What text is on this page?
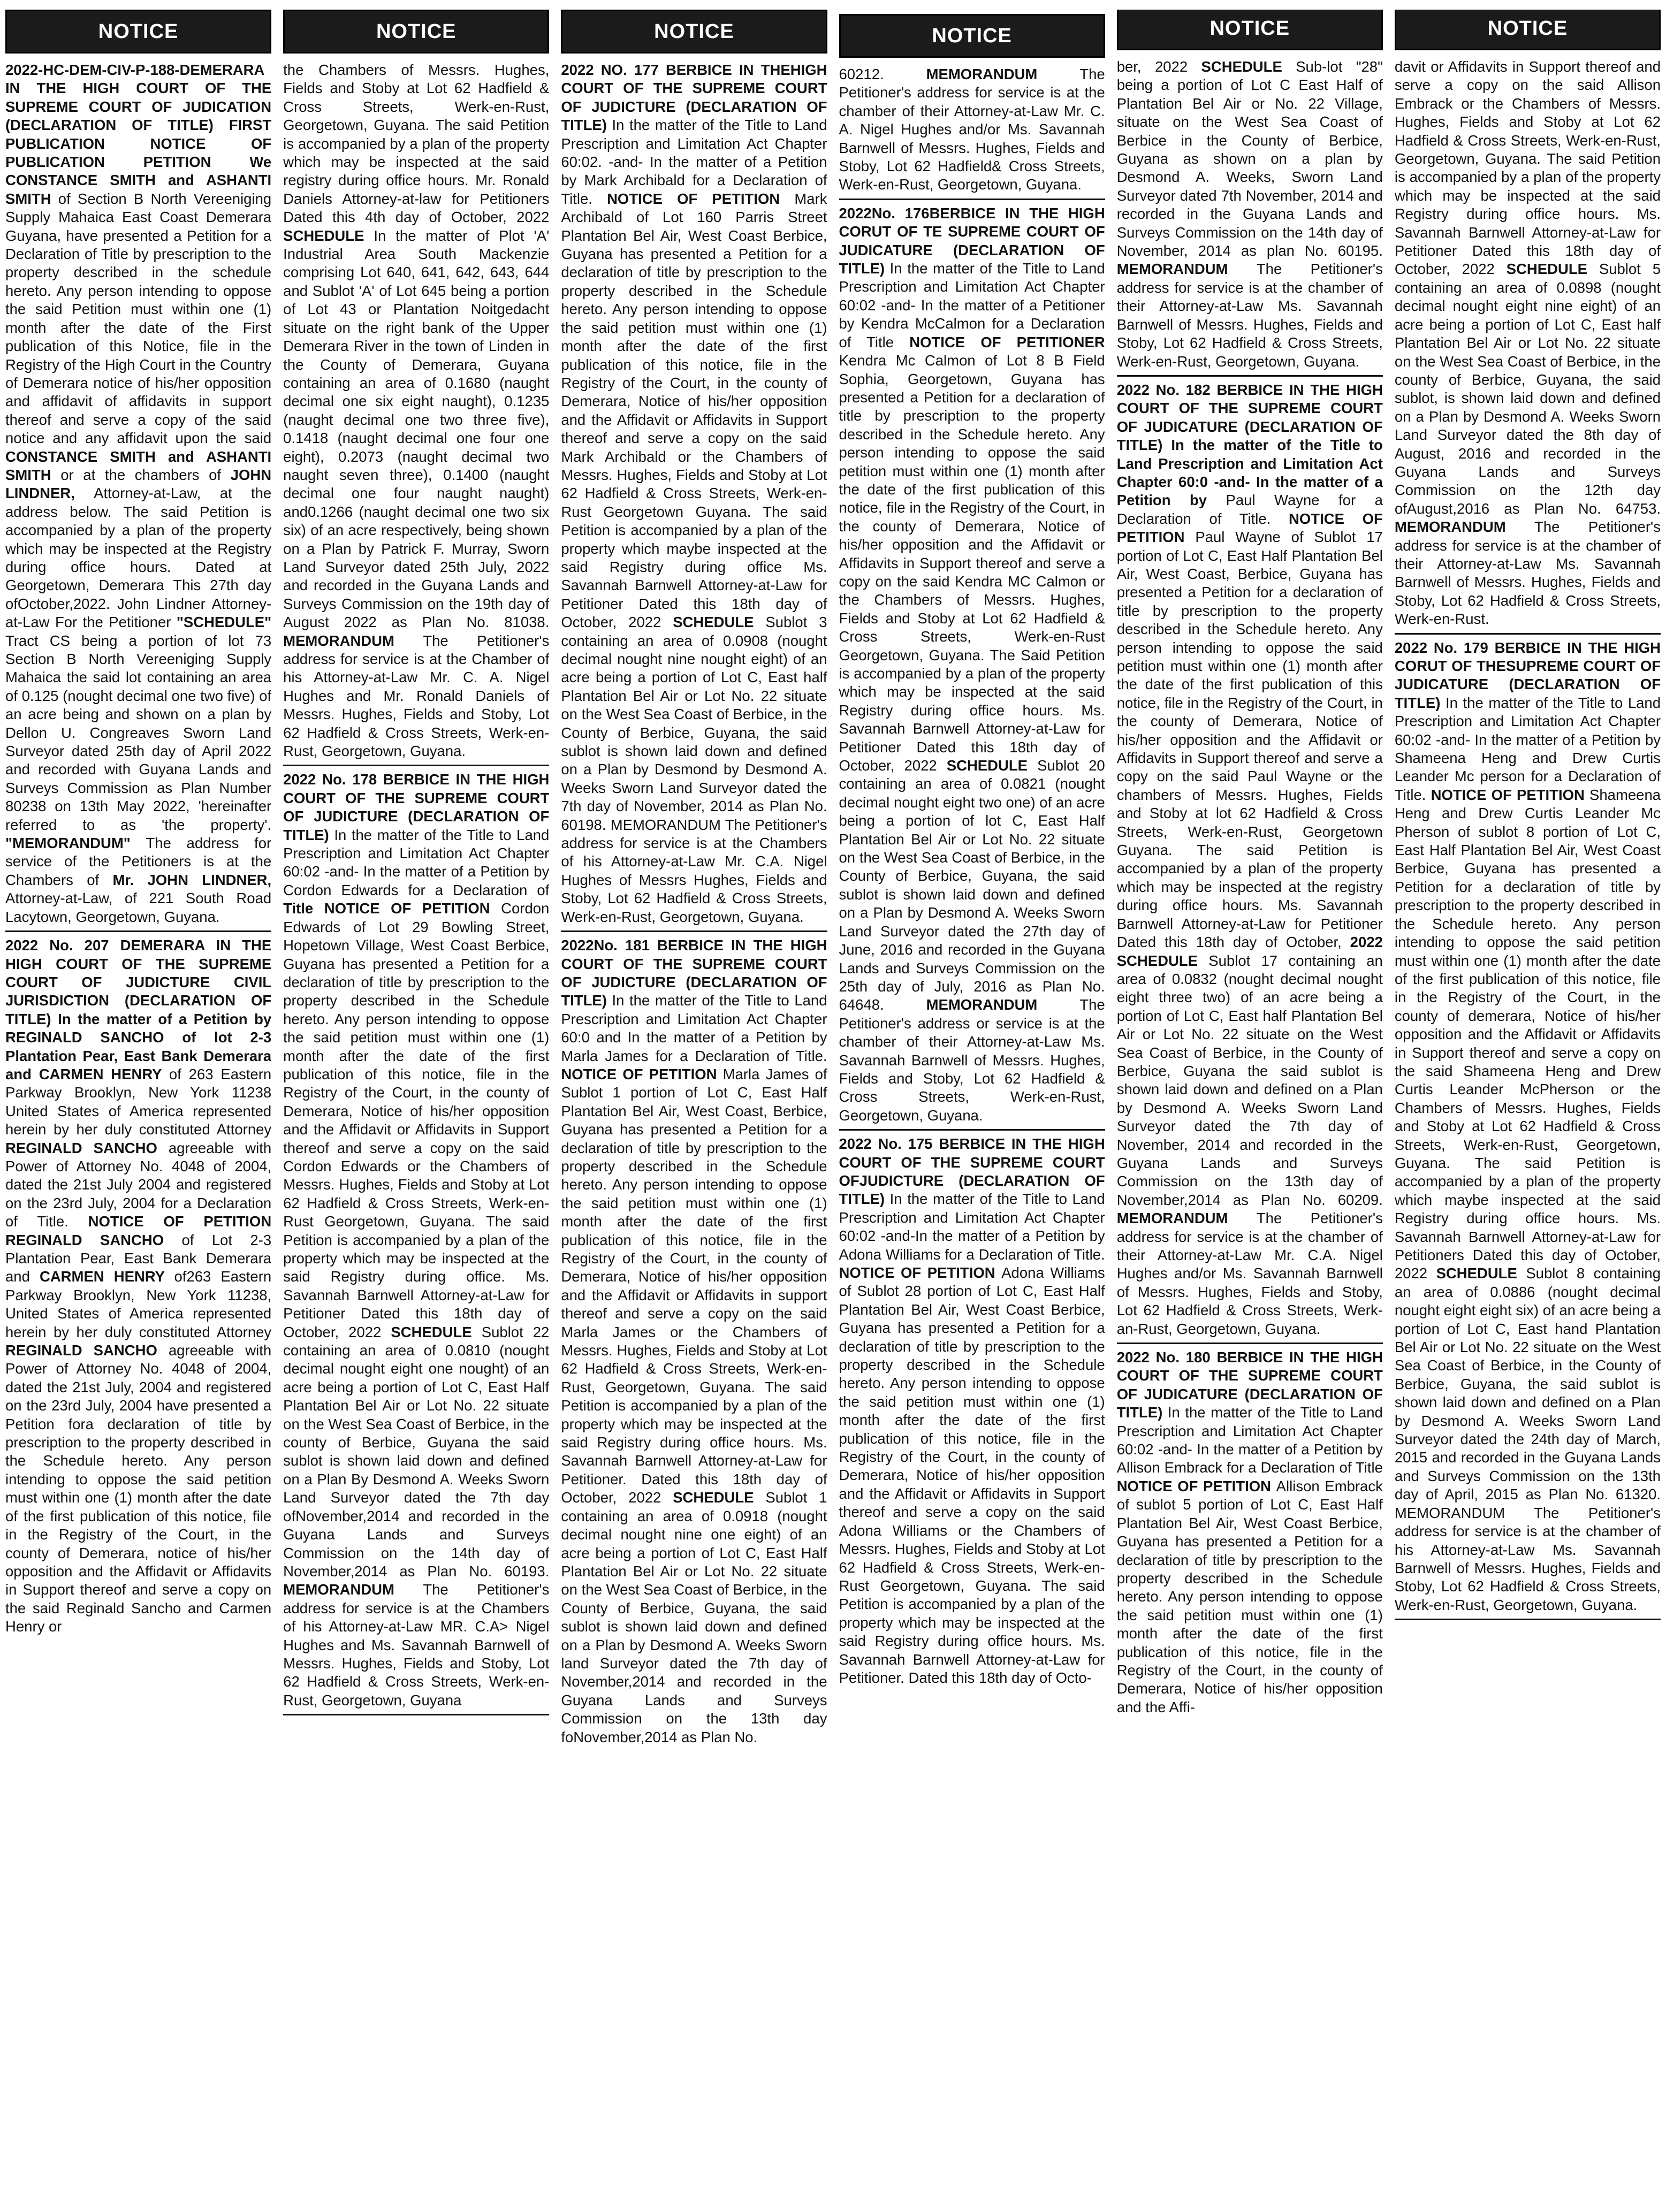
NOTICE
2022-HC-DEM-CIV-P-188-DEMERARA IN THE HIGH COURT OF THE SUPREME COURT OF JUDICATION (DECLARATION OF TITLE) FIRST PUBLICATION NOTICE OF PUBLICATION PETITION We CONSTANCE SMITH and ASHANTI SMITH of Section B North Vereeniging Supply Mahaica East Coast Demerara Guyana, have presented a Petition for a Declaration of Title by prescription to the property described in the schedule hereto. Any person intending to oppose the said Petition must within one (1) month after the date of the First publication of this Notice, file in the Registry of the High Court in the Country of Demerara notice of his/her opposition and affidavit of affidavits in support thereof and serve a copy of the said notice and any affidavit upon the said CONSTANCE SMITH and ASHANTI SMITH or at the chambers of JOHN LINDNER, Attorney-at-Law, at the address below. The said Petition is accompanied by a plan of the property which may be inspected at the Registry during office hours. Dated at Georgetown, Demerara This 27th day ofOctober,2022. John Lindner Attorney-at-Law For the Petitioner "SCHEDULE" Tract CS being a portion of lot 73 Section B North Vereeniging Supply Mahaica the said lot containing an area of 0.125 (nought decimal one two five) of an acre being and shown on a plan by Dellon U. Congreaves Sworn Land Surveyor dated 25th day of April 2022 and recorded with Guyana Lands and Surveys Commission as Plan Number 80238 on 13th May 2022, 'hereinafter referred to as 'the property'. "MEMORANDUM" The address for service of the Petitioners is at the Chambers of Mr. JOHN LINDNER, Attorney-at-Law, of 221 South Road Lacytown, Georgetown, Guyana.
2022 No. 207 DEMERARA IN THE HIGH COURT OF THE SUPREME COURT OF JUDICTURE CIVIL JURISDICTION (DECLARATION OF TITLE) In the matter of a Petition by REGINALD SANCHO of lot 2-3 Plantation Pear, East Bank Demerara and CARMEN HENRY of 263 Eastern Parkway Brooklyn, New York 11238 United States of America represented herein by her duly constituted Attorney REGINALD SANCHO agreeable with Power of Attorney No. 4048 of 2004, dated the 21st July 2004 and registered on the 23rd July, 2004 for a Declaration of Title. NOTICE OF PETITION REGINALD SANCHO of Lot 2-3 Plantation Pear, East Bank Demerara and CARMEN HENRY of263 Eastern Parkway Brooklyn, New York 11238, United States of America represented herein by her duly constituted Attorney REGINALD SANCHO agreeable with Power of Attorney No. 4048 of 2004, dated the 21st July, 2004 and registered on the 23rd July, 2004 have presented a Petition fora declaration of title by prescription to the property described in the Schedule hereto. Any person intending to oppose the said petition must within one (1) month after the date of the first publication of this notice, file in the Registry of the Court, in the county of Demerara, notice of his/her opposition and the Affidavit or Affidavits in Support thereof and serve a copy on the said Reginald Sancho and Carmen Henry or
NOTICE
the Chambers of Messrs. Hughes, Fields and Stoby at Lot 62 Hadfield & Cross Streets, Werk-en-Rust, Georgetown, Guyana. The said Petition is accompanied by a plan of the property which may be inspected at the said registry during office hours. Mr. Ronald Daniels Attorney-at-law for Petitioners Dated this 4th day of October, 2022 SCHEDULE In the matter of Plot 'A' Industrial Area South Mackenzie comprising Lot 640, 641, 642, 643, 644 and Sublot 'A' of Lot 645 being a portion of Lot 43 or Plantation Noitgedacht situate on the right bank of the Upper Demerara River in the town of Linden in the County of Demerara, Guyana containing an area of 0.1680 (naught decimal one six eight naught), 0.1235 (naught decimal one two three five), 0.1418 (naught decimal one four one eight), 0.2073 (naught decimal two naught seven three), 0.1400 (naught decimal one four naught naught) and0.1266 (naught decimal one two six six) of an acre respectively, being shown on a Plan by Patrick F. Murray, Sworn Land Surveyor dated 25th July, 2022 and recorded in the Guyana Lands and Surveys Commission on the 19th day of August 2022 as Plan No. 81038. MEMORANDUM The Petitioner's address for service is at the Chamber of his Attorney-at-Law Mr. C. A. Nigel Hughes and Mr. Ronald Daniels of Messrs. Hughes, Fields and Stoby, Lot 62 Hadfield & Cross Streets, Werk-en-Rust, Georgetown, Guyana.
2022 No. 178 BERBICE IN THE HIGH COURT OF THE SUPREME COURT OF JUDICTURE (DECLARATION OF TITLE) In the matter of the Title to Land Prescription and Limitation Act Chapter 60:02 -and- In the matter of a Petition by Cordon Edwards for a Declaration of Title NOTICE OF PETITION Cordon Edwards of Lot 29 Bowling Street, Hopetown Village, West Coast Berbice, Guyana has presented a Petition for a declaration of title by prescription to the property described in the Schedule hereto. Any person intending to oppose the said petition must within one (1) month after the date of the first publication of this notice, file in the Registry of the Court, in the county of Demerara, Notice of his/her opposition and the Affidavit or Affidavits in Support thereof and serve a copy on the said Cordon Edwards or the Chambers of Messrs. Hughes, Fields and Stoby at Lot 62 Hadfield & Cross Streets, Werk-en-Rust Georgetown, Guyana. The said Petition is accompanied by a plan of the property which may be inspected at the said Registry during office. Ms. Savannah Barnwell Attorney-at-Law for Petitioner Dated this 18th day of October, 2022 SCHEDULE Sublot 22 containing an area of 0.0810 (nought decimal nought eight one nought) of an acre being a portion of Lot C, East Half Plantation Bel Air or Lot No. 22 situate on the West Sea Coast of Berbice, in the county of Berbice, Guyana the said sublot is shown laid down and defined on a Plan By Desmond A. Weeks Sworn Land Surveyor dated the 7th day ofNovember,2014 and recorded in the Guyana Lands and Surveys Commission on the 14th day of November,2014 as Plan No. 60193. MEMORANDUM The Petitioner's address for service is at the Chambers of his Attorney-at-Law MR. C.A> Nigel Hughes and Ms. Savannah Barnwell of Messrs. Hughes, Fields and Stoby, Lot 62 Hadfield & Cross Streets, Werk-en-Rust, Georgetown, Guyana
NOTICE
2022 NO. 177 BERBICE IN THEHIGH COURT OF THE SUPREME COURT OF JUDICTURE (DECLARATION OF TITLE) In the matter of the Title to Land Prescription and Limitation Act Chapter 60:02. -and- In the matter of a Petition by Mark Archibald for a Declaration of Title. NOTICE OF PETITION Mark Archibald of Lot 160 Parris Street Plantation Bel Air, West Coast Berbice, Guyana has presented a Petition for a declaration of title by prescription to the property described in the Schedule hereto. Any person intending to oppose the said petition must within one (1) month after the date of the first publication of this notice, file in the Registry of the Court, in the county of Demerara, Notice of his/her opposition and the Affidavit or Affidavits in Support thereof and serve a copy on the said Mark Archibald or the Chambers of Messrs. Hughes, Fields and Stoby at Lot 62 Hadfield & Cross Streets, Werk-en-Rust Georgetown Guyana. The said Petition is accompanied by a plan of the property which maybe inspected at the said Registry during office Ms. Savannah Barnwell Attorney-at-Law for Petitioner Dated this 18th day of October, 2022 SCHEDULE Sublot 3 containing an area of 0.0908 (nought decimal nought nine nought eight) of an acre being a portion of Lot C, East half Plantation Bel Air or Lot No. 22 situate on the West Sea Coast of Berbice, in the County of Berbice, Guyana, the said sublot is shown laid down and defined on a Plan by Desmond by Desmond A. Weeks Sworn Land Surveyor dated the 7th day of November, 2014 as Plan No. 60198. MEMORANDUM The Petitioner's address for service is at the Chambers of his Attorney-at-Law Mr. C.A. Nigel Hughes of Messrs Hughes, Fields and Stoby, Lot 62 Hadfield & Cross Streets, Werk-en-Rust, Georgetown, Guyana.
2022No. 181 BERBICE IN THE HIGH COURT OF THE SUPREME COURT OF JUDICTURE (DECLARATION OF TITLE) In the matter of the Title to Land Prescription and Limitation Act Chapter 60:0 and In the matter of a Petition by Marla James for a Declaration of Title. NOTICE OF PETITION Marla James of Sublot 1 portion of Lot C, East Half Plantation Bel Air, West Coast, Berbice, Guyana has presented a Petition for a declaration of title by prescription to the property described in the Schedule hereto. Any person intending to oppose the said petition must within one (1) month after the date of the first publication of this notice, file in the Registry of the Court, in the county of Demerara, Notice of his/her opposition and the Affidavit or Affidavits in support thereof and serve a copy on the said Marla James or the Chambers of Messrs. Hughes, Fields and Stoby at Lot 62 Hadfield & Cross Streets, Werk-en-Rust, Georgetown, Guyana. The said Petition is accompanied by a plan of the property which may be inspected at the said Registry during office hours. Ms. Savannah Barnwell Attorney-at-Law for Petitioner. Dated this 18th day of October, 2022 SCHEDULE Sublot 1 containing an area of 0.0918 (nought decimal nought nine one eight) of an acre being a portion of Lot C, East Half Plantation Bel Air or Lot No. 22 situate on the West Sea Coast of Berbice, in the County of Berbice, Guyana, the said sublot is shown laid down and defined on a Plan by Desmond A. Weeks Sworn land Surveyor dated the 7th day of November,2014 and recorded in the Guyana Lands and Surveys Commission on the 13th day foNovember,2014 as Plan No.
NOTICE
60212. MEMORANDUM The Petitioner's address for service is at the chamber of their Attorney-at-Law Mr. C. A. Nigel Hughes and/or Ms. Savannah Barnwell of Messrs. Hughes, Fields and Stoby, Lot 62 Hadfield& Cross Streets, Werk-en-Rust, Georgetown, Guyana.
2022No. 176BERBICE IN THE HIGH CORUT OF TE SUPREME COURT OF JUDICATURE (DECLARATION OF TITLE) In the matter of the Title to Land Prescription and Limitation Act Chapter 60:02 -and- In the matter of a Petitioner by Kendra McCalmon for a Declaration of Title NOTICE OF PETITIONER Kendra Mc Calmon of Lot 8 B Field Sophia, Georgetown, Guyana has presented a Petition for a declaration of title by prescription to the property described in the Schedule hereto. Any person intending to oppose the said petition must within one (1) month after the date of the first publication of this notice, file in the Registry of the Court, in the county of Demerara, Notice of his/her opposition and the Affidavit or Affidavits in Support thereof and serve a copy on the said Kendra MC Calmon or the Chambers of Messrs. Hughes, Fields and Stoby at Lot 62 Hadfield & Cross Streets, Werk-en-Rust Georgetown, Guyana. The Said Petition is accompanied by a plan of the property which may be inspected at the said Registry during office hours. Ms. Savannah Barnwell Attorney-at-Law for Petitioner Dated this 18th day of October, 2022 SCHEDULE Sublot 20 containing an area of 0.0821 (nought decimal nought eight two one) of an acre being a portion of lot C, East Half Plantation Bel Air or Lot No. 22 situate on the West Sea Coast of Berbice, in the County of Berbice, Guyana, the said sublot is shown laid down and defined on a Plan by Desmond A. Weeks Sworn Land Surveyor dated the 27th day of June, 2016 and recorded in the Guyana Lands and Surveys Commission on the 25th day of July, 2016 as Plan No. 64648. MEMORANDUM The Petitioner's address or service is at the chamber of their Attorney-at-Law Ms. Savannah Barnwell of Messrs. Hughes, Fields and Stoby, Lot 62 Hadfield & Cross Streets, Werk-en-Rust, Georgetown, Guyana.
2022 No. 175 BERBICE IN THE HIGH COURT OF THE SUPREME COURT OFJUDICTURE (DECLARATION OF TITLE) In the matter of the Title to Land Prescription and Limitation Act Chapter 60:02 -and-In the matter of a Petition by Adona Williams for a Declaration of Title. NOTICE OF PETITION Adona Williams of Sublot 28 portion of Lot C, East Half Plantation Bel Air, West Coast Berbice, Guyana has presented a Petition for a declaration of title by prescription to the property described in the Schedule hereto. Any person intending to oppose the said petition must within one (1) month after the date of the first publication of this notice, file in the Registry of the Court, in the county of Demerara, Notice of his/her opposition and the Affidavit or Affidavits in Support thereof and serve a copy on the said Adona Williams or the Chambers of Messrs. Hughes, Fields and Stoby at Lot 62 Hadfield & Cross Streets, Werk-en-Rust Georgetown, Guyana. The said Petition is accompanied by a plan of the property which may be inspected at the said Registry during office hours. Ms. Savannah Barnwell Attorney-at-Law for Petitioner. Dated this 18th day of Octo-
NOTICE
ber, 2022 SCHEDULE Sub-lot "28" being a portion of Lot C East Half of Plantation Bel Air or No. 22 Village, situate on the West Sea Coast of Berbice in the County of Berbice, Guyana as shown on a plan by Desmond A. Weeks, Sworn Land Surveyor dated 7th November, 2014 and recorded in the Guyana Lands and Surveys Commission on the 14th day of November, 2014 as plan No. 60195. MEMORANDUM The Petitioner's address for service is at the chamber of their Attorney-at-Law Ms. Savannah Barnwell of Messrs. Hughes, Fields and Stoby, Lot 62 Hadfield & Cross Streets, Werk-en-Rust, Georgetown, Guyana.
2022 No. 182 BERBICE IN THE HIGH COURT OF THE SUPREME COURT OF JUDICATURE (DECLARATION OF TITLE) In the matter of the Title to Land Prescription and Limitation Act Chapter 60:0 -and- In the matter of a Petition by Paul Wayne for a Declaration of Title. NOTICE OF PETITION Paul Wayne of Sublot 17 portion of Lot C, East Half Plantation Bel Air, West Coast, Berbice, Guyana has presented a Petition for a declaration of title by prescription to the property described in the Schedule hereto. Any person intending to oppose the said petition must within one (1) month after the date of the first publication of this notice, file in the Registry of the Court, in the county of Demerara, Notice of his/her opposition and the Affidavit or Affidavits in Support thereof and serve a copy on the said Paul Wayne or the chambers of Messrs. Hughes, Fields and Stoby at lot 62 Hadfield & Cross Streets, Werk-en-Rust, Georgetown Guyana. The said Petition is accompanied by a plan of the property which may be inspected at the registry during office hours. Ms. Savannah Barnwell Attorney-at-Law for Petitioner Dated this 18th day of October, 2022 SCHEDULE Sublot 17 containing an area of 0.0832 (nought decimal nought eight three two) of an acre being a portion of Lot C, East half Plantation Bel Air or Lot No. 22 situate on the West Sea Coast of Berbice, in the County of Berbice, Guyana the said sublot is shown laid down and defined on a Plan by Desmond A. Weeks Sworn Land Surveyor dated the 7th day of November, 2014 and recorded in the Guyana Lands and Surveys Commission on the 13th day of November,2014 as Plan No. 60209. MEMORANDUM The Petitioner's address for service is at the chamber of their Attorney-at-Law Mr. C.A. Nigel Hughes and/or Ms. Savannah Barnwell of Messrs. Hughes, Fields and Stoby, Lot 62 Hadfield & Cross Streets, Werk-an-Rust, Georgetown, Guyana.
2022 No. 180 BERBICE IN THE HIGH COURT OF THE SUPREME COURT OF JUDICATURE (DECLARATION OF TITLE) In the matter of the Title to Land Prescription and Limitation Act Chapter 60:02 -and- In the matter of a Petition by Allison Embrack for a Declaration of Title NOTICE OF PETITION Allison Embrack of sublot 5 portion of Lot C, East Half Plantation Bel Air, West Coast Berbice, Guyana has presented a Petition for a declaration of title by prescription to the property described in the Schedule hereto. Any person intending to oppose the said petition must within one (1) month after the date of the first publication of this notice, file in the Registry of the Court, in the county of Demerara, Notice of his/her opposition and the Affi-
NOTICE
davit or Affidavits in Support thereof and serve a copy on the said Allison Embrack or the Chambers of Messrs. Hughes, Fields and Stoby at Lot 62 Hadfield & Cross Streets, Werk-en-Rust, Georgetown, Guyana. The said Petition is accompanied by a plan of the property which may be inspected at the said Registry during office hours. Ms. Savannah Barnwell Attorney-at-Law for Petitioner Dated this 18th day of October, 2022 SCHEDULE Sublot 5 containing an area of 0.0898 (nought decimal nought eight nine eight) of an acre being a portion of Lot C, East half Plantation Bel Air or Lot No. 22 situate on the West Sea Coast of Berbice, in the county of Berbice, Guyana, the said sublot, is shown laid down and defined on a Plan by Desmond A. Weeks Sworn Land Surveyor dated the 8th day of August, 2016 and recorded in the Guyana Lands and Surveys Commission on the 12th day ofAugust,2016 as Plan No. 64753. MEMORANDUM The Petitioner's address for service is at the chamber of their Attorney-at-Law Ms. Savannah Barnwell of Messrs. Hughes, Fields and Stoby, Lot 62 Hadfield & Cross Streets, Werk-en-Rust.
2022 No. 179 BERBICE IN THE HIGH CORUT OF THESUPREME COURT OF JUDICATURE (DECLARATION OF TITLE) In the matter of the Title to Land Prescription and Limitation Act Chapter 60:02 -and- In the matter of a Petition by Shameena Heng and Drew Curtis Leander Mc person for a Declaration of Title. NOTICE OF PETITION Shameena Heng and Drew Curtis Leander Mc Pherson of sublot 8 portion of Lot C, East Half Plantation Bel Air, West Coast Berbice, Guyana has presented a Petition for a declaration of title by prescription to the property described in the Schedule hereto. Any person intending to oppose the said petition must within one (1) month after the date of the first publication of this notice, file in the Registry of the Court, in the county of demerara, Notice of his/her opposition and the Affidavit or Affidavits in Support thereof and serve a copy on the said Shameena Heng and Drew Curtis Leander McPherson or the Chambers of Messrs. Hughes, Fields and Stoby at Lot 62 Hadfield & Cross Streets, Werk-en-Rust, Georgetown, Guyana. The said Petition is accompanied by a plan of the property which maybe inspected at the said Registry during office hours. Ms. Savannah Barnwell Attorney-at-Law for Petitioners Dated this day of October, 2022 SCHEDULE Sublot 8 containing an area of 0.0886 (nought decimal nought eight eight six) of an acre being a portion of Lot C, East hand Plantation Bel Air or Lot No. 22 situate on the West Sea Coast of Berbice, in the County of Berbice, Guyana, the said sublot is shown laid down and defined on a Plan by Desmond A. Weeks Sworn Land Surveyor dated the 24th day of March, 2015 and recorded in the Guyana Lands and Surveys Commission on the 13th day of April, 2015 as Plan No. 61320. MEMORANDUM The Petitioner's address for service is at the chamber of his Attorney-at-Law Ms. Savannah Barnwell of Messrs. Hughes, Fields and Stoby, Lot 62 Hadfield & Cross Streets, Werk-en-Rust, Georgetown, Guyana.
